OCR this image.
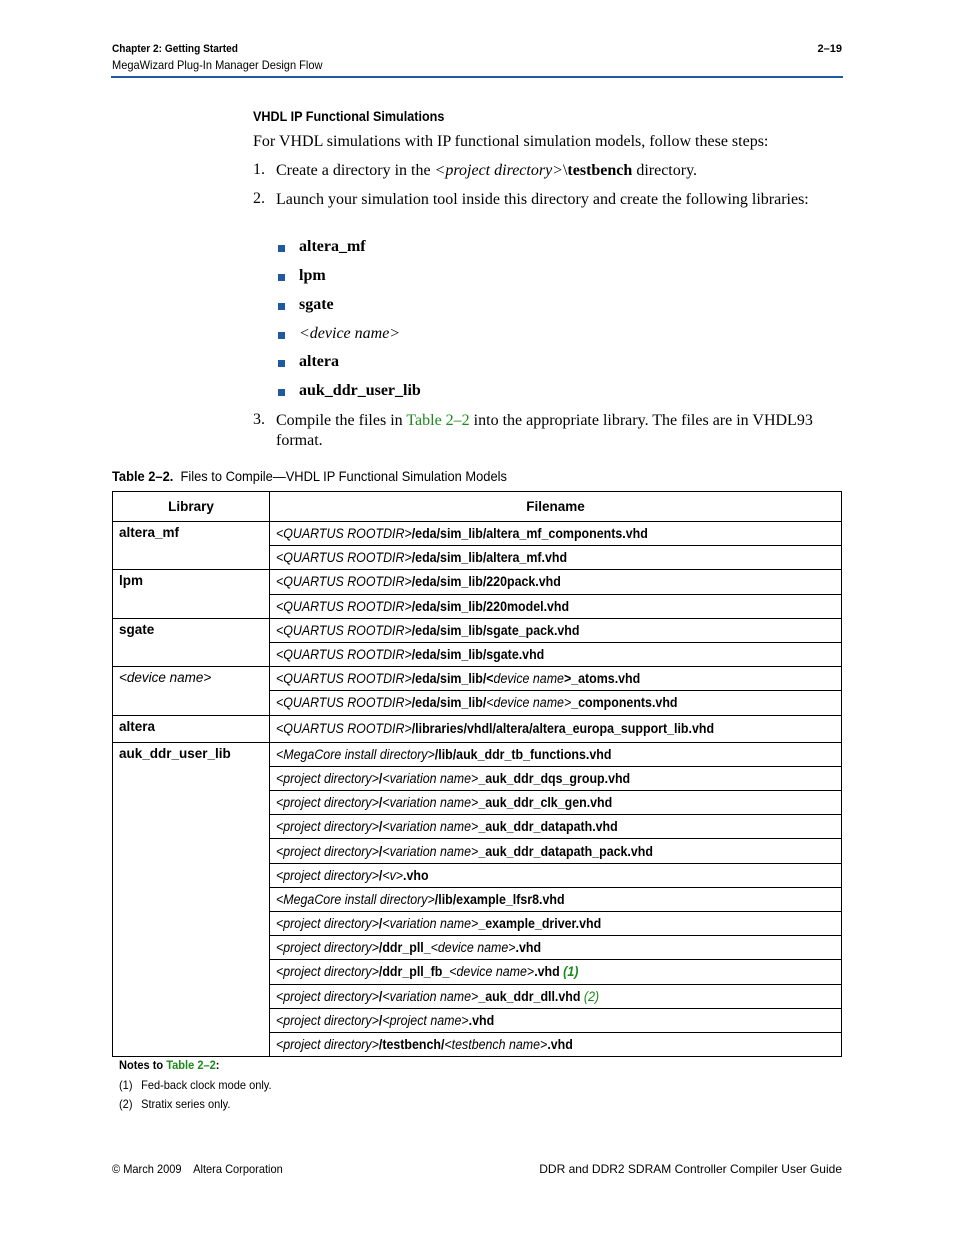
Chapter 2: Getting Started
MegaWizard Plug-In Manager Design Flow
2–19
VHDL IP Functional Simulations
For VHDL simulations with IP functional simulation models, follow these steps:
1. Create a directory in the <project directory>\testbench directory.
2. Launch your simulation tool inside this directory and create the following libraries:
altera_mf
lpm
sgate
<device name>
altera
auk_ddr_user_lib
3. Compile the files in Table 2–2 into the appropriate library. The files are in VHDL93 format.
Table 2–2. Files to Compile—VHDL IP Functional Simulation Models
Library	Filename
altera_mf	<QUARTUS ROOTDIR>/eda/sim_lib/altera_mf_components.vhd
	<QUARTUS ROOTDIR>/eda/sim_lib/altera_mf.vhd
lpm	<QUARTUS ROOTDIR>/eda/sim_lib/220pack.vhd
	<QUARTUS ROOTDIR>/eda/sim_lib/220model.vhd
sgate	<QUARTUS ROOTDIR>/eda/sim_lib/sgate_pack.vhd
	<QUARTUS ROOTDIR>/eda/sim_lib/sgate.vhd
<device name>	<QUARTUS ROOTDIR>/eda/sim_lib/<device name>_atoms.vhd
	<QUARTUS ROOTDIR>/eda/sim_lib/<device name>_components.vhd
altera	<QUARTUS ROOTDIR>/libraries/vhdl/altera/altera_europa_support_lib.vhd
auk_ddr_user_lib	<MegaCore install directory>/lib/auk_ddr_tb_functions.vhd
	<project directory>/<variation name>_auk_ddr_dqs_group.vhd
	<project directory>/<variation name>_auk_ddr_clk_gen.vhd
	<project directory>/<variation name>_auk_ddr_datapath.vhd
	<project directory>/<variation name>_auk_ddr_datapath_pack.vhd
	<project directory>/<v>.vho
	<MegaCore install directory>/lib/example_lfsr8.vhd
	<project directory>/<variation name>_example_driver.vhd
	<project directory>/ddr_pll_<device name>.vhd
	<project directory>/ddr_pll_fb_<device name>.vhd (1)
	<project directory>/<variation name>_auk_ddr_dll.vhd (2)
	<project directory>/<project name>.vhd
	<project directory>/testbench/<testbench name>.vhd
Notes to Table 2–2:
(1) Fed-back clock mode only.
(2) Stratix series only.
© March 2009    Altera Corporation	DDR and DDR2 SDRAM Controller Compiler User Guide
